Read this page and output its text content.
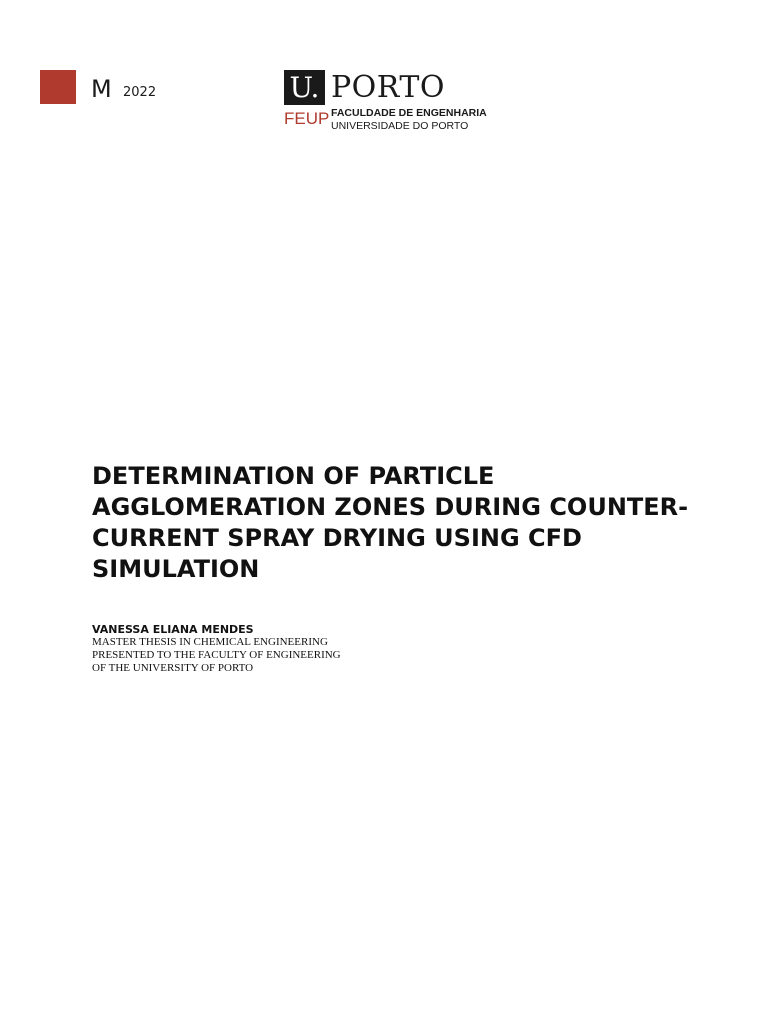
M 2022	U. PORTO
FEUP FACULDADE DE ENGENHARIA
UNIVERSIDADE DO PORTO
DETERMINATION OF PARTICLE
AGGLOMERATION ZONES DURING COUNTER-
CURRENT SPRAY DRYING USING CFD
SIMULATION
VANESSA ELIANA MENDES
MASTER THESIS IN CHEMICAL ENGINEERING
PRESENTED TO THE FACULTY OF ENGINEERING
OF THE UNIVERSITY OF PORTO
